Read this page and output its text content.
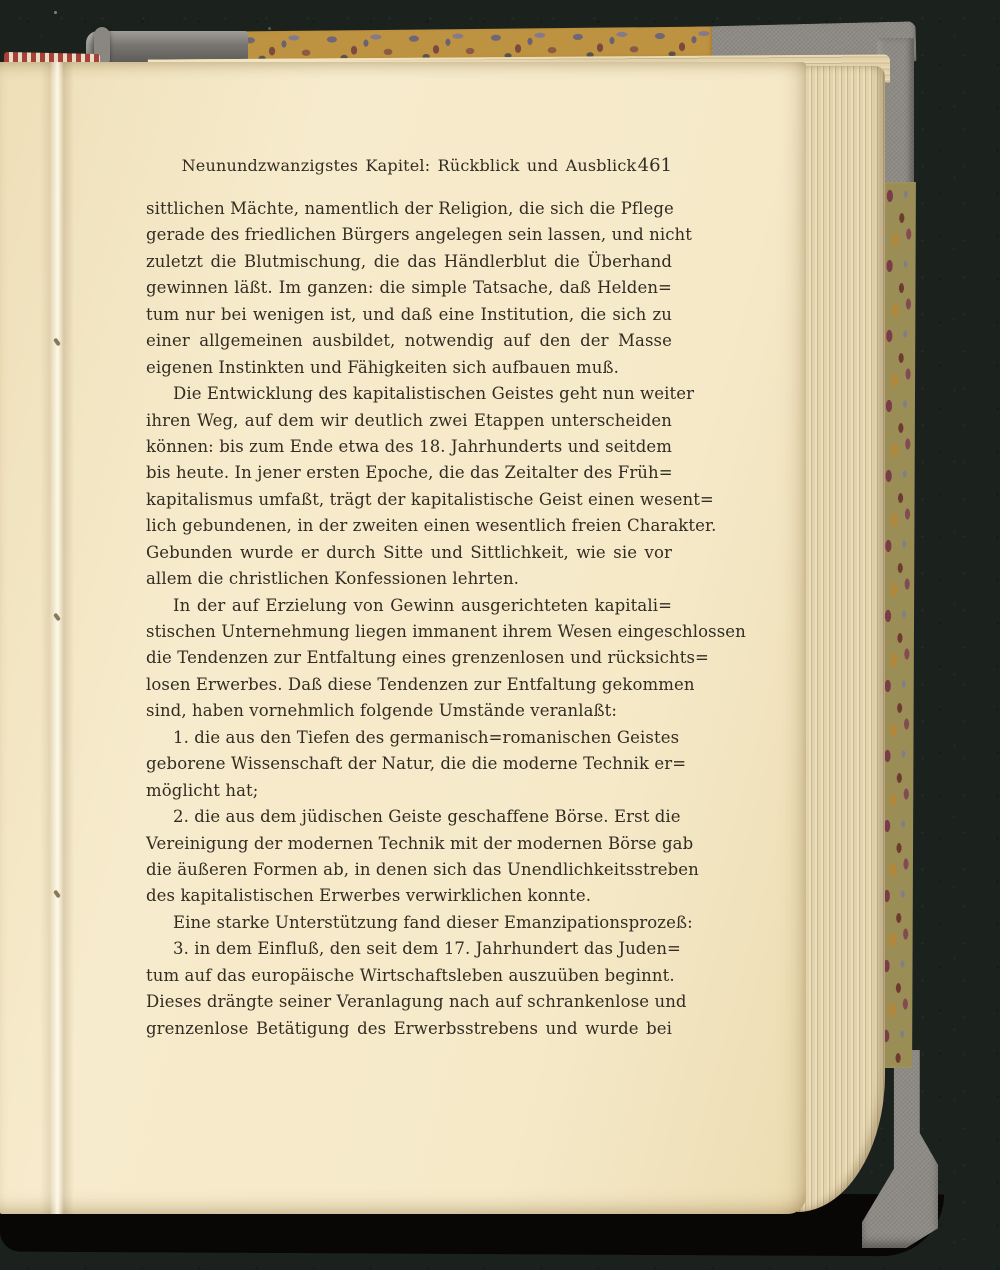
Neunundzwanzigstes Kapitel: Rückblick und Ausblick 461
sittlichen Mächte, namentlich der Religion, die sich die Pflege
gerade des friedlichen Bürgers angelegen sein lassen, und nicht
zuletzt die Blutmischung, die das Händlerblut die Überhand
gewinnen läßt. Im ganzen: die simple Tatsache, daß Helden=
tum nur bei wenigen ist, und daß eine Institution, die sich zu
einer allgemeinen ausbildet, notwendig auf den der Masse
eigenen Instinkten und Fähigkeiten sich aufbauen muß.
Die Entwicklung des kapitalistischen Geistes geht nun weiter
ihren Weg, auf dem wir deutlich zwei Etappen unterscheiden
können: bis zum Ende etwa des 18. Jahrhunderts und seitdem
bis heute. In jener ersten Epoche, die das Zeitalter des Früh=
kapitalismus umfaßt, trägt der kapitalistische Geist einen wesent=
lich gebundenen, in der zweiten einen wesentlich freien Charakter.
Gebunden wurde er durch Sitte und Sittlichkeit, wie sie vor
allem die christlichen Konfessionen lehrten.
In der auf Erzielung von Gewinn ausgerichteten kapitali=
stischen Unternehmung liegen immanent ihrem Wesen eingeschlossen
die Tendenzen zur Entfaltung eines grenzenlosen und rücksichts=
losen Erwerbes. Daß diese Tendenzen zur Entfaltung gekommen
sind, haben vornehmlich folgende Umstände veranlaßt:
1. die aus den Tiefen des germanisch=romanischen Geistes
geborene Wissenschaft der Natur, die die moderne Technik er=
möglicht hat;
2. die aus dem jüdischen Geiste geschaffene Börse. Erst die
Vereinigung der modernen Technik mit der modernen Börse gab
die äußeren Formen ab, in denen sich das Unendlichkeitsstreben
des kapitalistischen Erwerbes verwirklichen konnte.
Eine starke Unterstützung fand dieser Emanzipationsprozeß:
3. in dem Einfluß, den seit dem 17. Jahrhundert das Juden=
tum auf das europäische Wirtschaftsleben auszuüben beginnt.
Dieses drängte seiner Veranlagung nach auf schrankenlose und
grenzenlose Betätigung des Erwerbsstrebens und wurde bei
